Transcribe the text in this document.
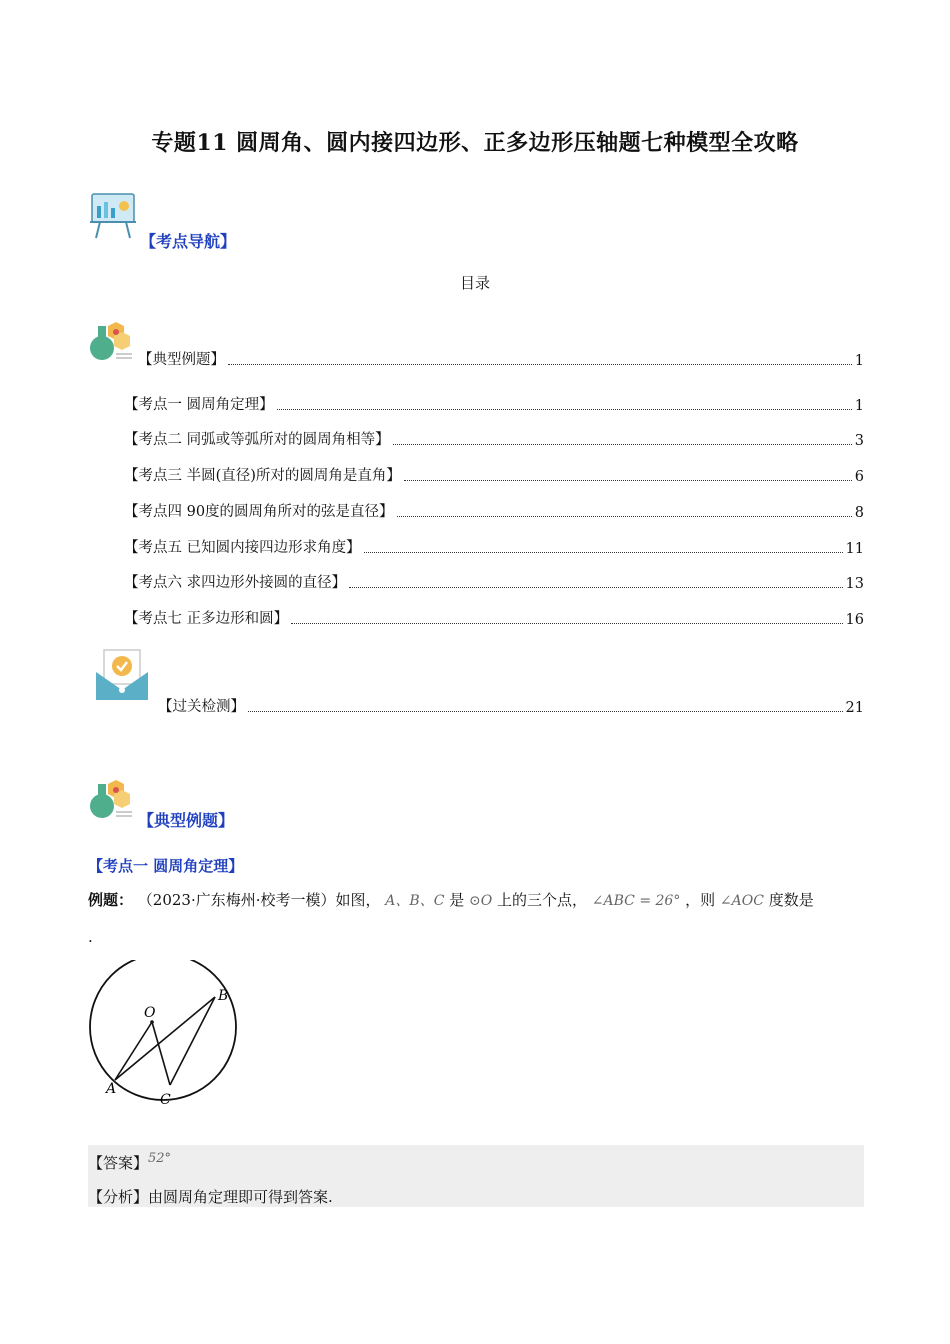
专题11 圆周角、圆内接四边形、正多边形压轴题七种模型全攻略
【考点导航】
目录
【典型例题】	1
【考点一 圆周角定理】	1
【考点二 同弧或等弧所对的圆周角相等】	3
【考点三 半圆(直径)所对的圆周角是直角】	6
【考点四 90度的圆周角所对的弦是直径】	8
【考点五 已知圆内接四边形求角度】	11
【考点六 求四边形外接圆的直径】	13
【考点七 正多边形和圆】	16
【过关检测】	21
【典型例题】
【考点一 圆周角定理】
例题： （2023·广东梅州·校考一模）如图， A、B、C 是 ⊙O 上的三个点， ∠ABC = 26° ，则 ∠AOC 度数是
.
O
A
B
C
【答案】52°
【分析】由圆周角定理即可得到答案.
